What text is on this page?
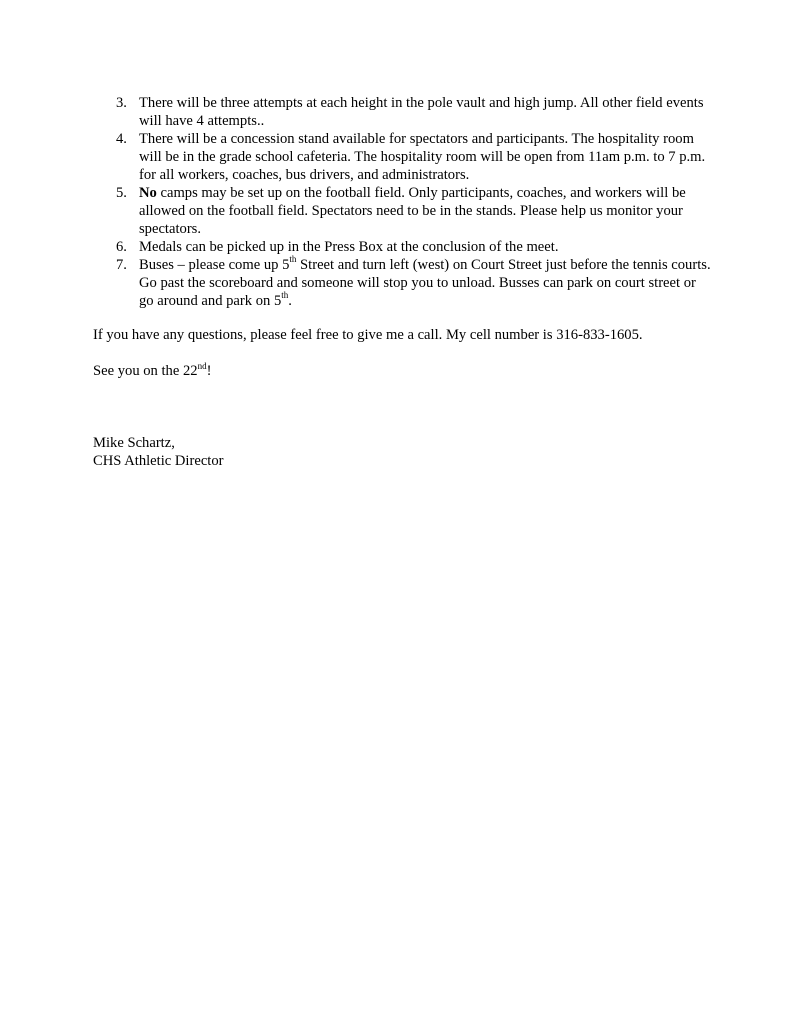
3. There will be three attempts at each height in the pole vault and high jump. All other field events will have 4 attempts..
4. There will be a concession stand available for spectators and participants. The hospitality room will be in the grade school cafeteria. The hospitality room will be open from 11am p.m. to 7 p.m. for all workers, coaches, bus drivers, and administrators.
5. No camps may be set up on the football field. Only participants, coaches, and workers will be allowed on the football field. Spectators need to be in the stands. Please help us monitor your spectators.
6. Medals can be picked up in the Press Box at the conclusion of the meet.
7. Buses – please come up 5th Street and turn left (west) on Court Street just before the tennis courts. Go past the scoreboard and someone will stop you to unload. Busses can park on court street or go around and park on 5th.

If you have any questions, please feel free to give me a call. My cell number is 316-833-1605.

See you on the 22nd!

Mike Schartz,

CHS Athletic Director
